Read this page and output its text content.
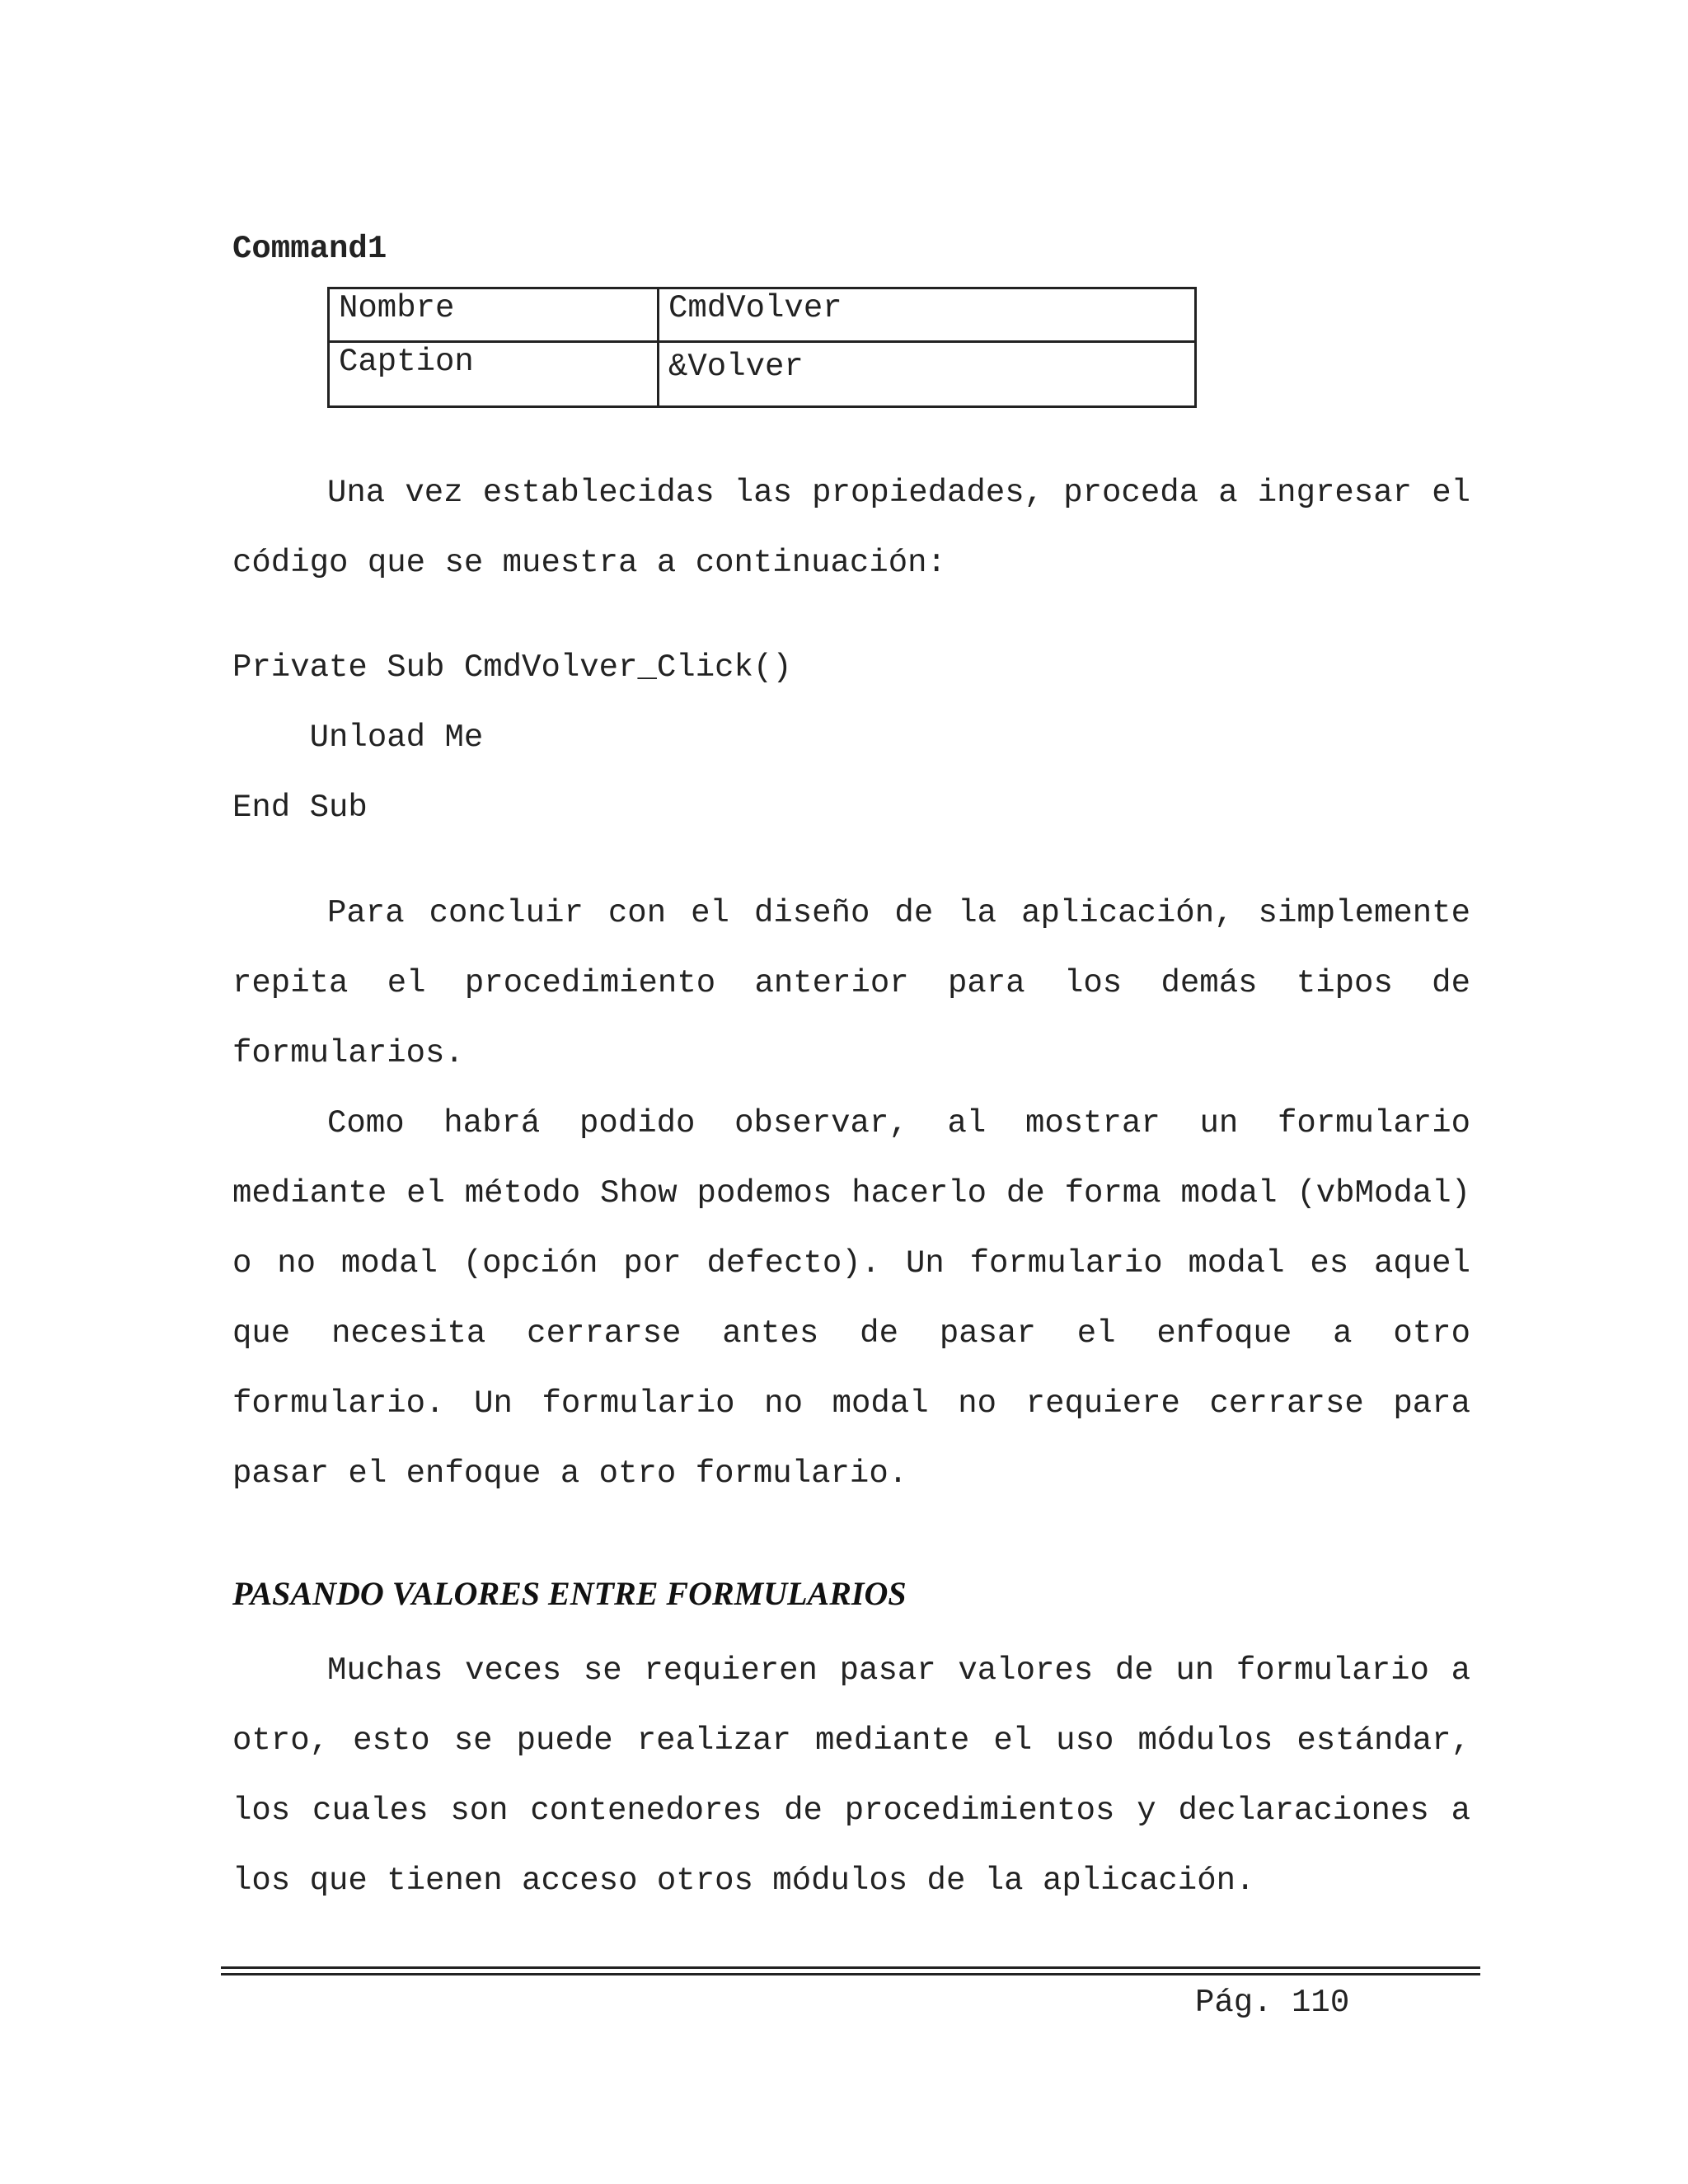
Command1
Nombre	CmdVolver
Caption	&Volver

Una vez establecidas las propiedades, proceda a ingresar el código que se muestra a continuación:

Private Sub CmdVolver_Click()
Unload Me
End Sub

Para concluir con el diseño de la aplicación, simplemente repita el procedimiento anterior para los demás tipos de formularios.

Como habrá podido observar, al mostrar un formulario mediante el método Show podemos hacerlo de forma modal (vbModal) o no modal (opción por defecto). Un formulario modal es aquel que necesita cerrarse antes de pasar el enfoque a otro formulario. Un formulario no modal no requiere cerrarse para pasar el enfoque a otro formulario.

PASANDO VALORES ENTRE FORMULARIOS

Muchas veces se requieren pasar valores de un formulario a otro, esto se puede realizar mediante el uso módulos estándar, los cuales son contenedores de procedimientos y declaraciones a los que tienen acceso otros módulos de la aplicación.

Pág. 110
